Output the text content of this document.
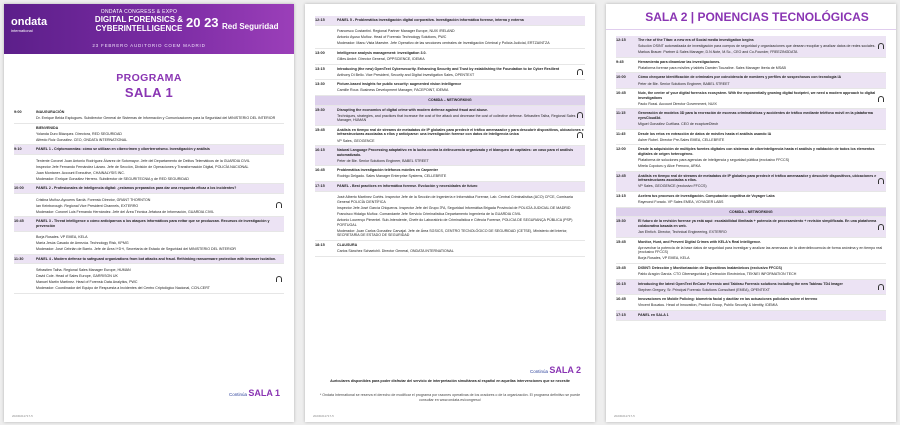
ondata
international
ONDATA CONGRESS & EXPO
DIGITAL FORENSICS &
CYBERINTELLIGENCE 20 23 Red Seguridad
23 FEBRERO AUDITORIO COEM MADRID
PROGRAMA
SALA 1
9:00	INAUGURACIÓN
Dr. Enrique Belda Esplugues. Subdirector General de Sistemas de Información y Comunicaciones para la Seguridad del MINISTERIO DEL INTERIOR
BIENVENIDA
Yolanda Duro Blázquez. Directora, RED SEGURIDAD
Alfredo Ruiz González. CEO, ONDATA INTERNATIONAL
9:10	PANEL 1 - Criptomonedas: cómo se utilizan en cibercrimen y ciberterrorismo. Investigación y análisis
Teniente Coronel Juan Antonio Rodríguez Álvarez de Sotomayor. Jefe del Departamento de Delitos Telemáticos de la GUARDIA CIVIL
Inspector Jefe Fernando Fernández Lázaro. Jefe de Sección, División de Operaciones y Transformación Digital, POLICÍA NACIONAL
Juan Montaner. Account Executive, CHAINALYSIS INC.
Moderador: Enrique González Herrero. Subdirector de SEGURITECNIA y de RED SEGURIDAD
10:00	PANEL 2 - Profesionales de inteligencia digital: ¿estamos preparados para dar una respuesta eficaz a los incidentes?
Cristina Muñoz-Aycuens Sardá. Forensic Director, GRANT THORNTON
Ian Keinborough. Regional Vice President Channels, EXTERRO
Moderador: Coronel Luis Fernando Hernández. Jefe del Área Técnica Jefatura de Información, GUARDIA CIVIL
10:45	PANEL 3 - Threat intelligence o cómo anticiparnos a los ataques informáticos para evitar que se produzcan. Recursos de investigación y prevención
Borja Rosales. VP EMEA, KELA
María Jesús Casado de Amezúa. Technology Risk, KPMG
Moderador: José Cebrián de Barrio. Jefe de Área I+D+i, Secretaría de Estado de Seguridad del MINISTERIO DEL INTERIOR
11:30	PANEL 4 - Modern defense to safeguard organizations from bot attacks and fraud. Rethinking ransomware protection with browser isolation.
Sébastien Talha. Regional Sales Manager Europe, HUMAN
David Cole. Head of Sales Europe, GARRISON UK
Manuel Martín Martínez. Head of Forensic Data Analytics, PWC
Moderador: Coordinador del Equipo de Respuesta a Incidentes del Centro Criptológico Nacional, CCN-CERT
Continúa SALA 1
20230211717-5
12:15	PANEL 5 - Problemática investigación digital corporativa. Investigación informática forense, interna y externa
Francesco Costantini. Regional Partner Manager Europe, NUIX /RELAND
Antonio Ayuso Muñoz. Head of Forensic Technology Solutions, PWC
Moderador: Manu Vista Maestre. Jefe Operativo de las secciones centrales de Investigación Criminal y Policía Judicial, ERTZAINTZA
13:00	Intelligence analysis management: investigation 3.0.
Gilles André. Director General, OPPSCIENCE, IDEMIA
13:15	Introducing (the new) OpenText Cybersecurity. Enhancing Security and Trust by establishing the Foundation to be Cyber Resilient
Anthony Di Bello. Vice President, Security and Digital Investigation Sales, OPENTEXT
13:30	Picture-based insights for public security: augmented vision intelligence
Camille Roux. Business Development Manager, FACEPOINT, IDEMIA
COMIDA – NETWORKING
15:30	Disrupting the economics of digital crime with modern defense against fraud and abuse.
Techniques, strategies, and practices that increase the cost of the attack and decrease the cost of collective defense. Sébastien Talha, Regional Sales Manager, HUMAN
15:45	Análisis en tiempo real de streams de metadatos de IP globales para predecir el tráfico amenazador y para descubrir dispositivos, ubicaciones e infraestructuras asociadas a ellos y anticiparse: una investigación forense con datos de Inteligencia única
VP Sales, GEOGENCE
16:15	Natural Language Processing adaptativo en la lucha contra la delincuencia organizada y el blanqueo de capitales: un caso para el análisis automatizado.
Peter de Bie. Senior Solutions Engineer, BABEL STREET
16:45	Problemática investigación teléfonos móviles en Carpenter
Rodrigo Delgado. Sales Manager Enterprise Systems, CELLEBRITE
17:15	PANEL - Best practices en informática forense. Evolución y necesidades de futuro
José Alberto Martínez Cortés. Inspector Jefe de la Sección de Ingeniería e Informática Forense, Lab. Central Criminalística (ACO) CFCE, Comisaría General POLICÍA CIENTÍFICA
Inspector Jefe José García Chiqueros. Inspector Jefe del Grupo 3ºA, Seguridad Informática Brigada Provincial de POLICÍA JUDICIAL DE MADRID
Francisco Hidalgo Muñoz. Comandante Jefe Servicio Criminalística Departamento Ingeniería de la GUARDIA CIVIL
Antonio Lourenço Pimentel. Sub-Intendente, Chefe do Laboratório de Criminalística e Ciência Forense, POLICIA DE SEGURANÇA PÚBLICA (PSP) PORTUGAL
Moderador: Juan Carlos González Carvajal. Jefe de Área SGSICS, CENTRO TECNOLÓGICO DE SEGURIDAD (CETSE), Ministerio del Interior, SECRETARÍA DE ESTADO DE SEGURIDAD
18:15	CLAUSURA
Carlos Sánchez Schaeichli. Director General, ONDATA INTERNATIONAL
Continúa SALA 2
Auriculares disponibles para poder disfrutar del servicio de interpretación simultánea al español en aquellas intervenciones que se necesite
* Ondata International se reserva el derecho de modificar el programa por razones operativas de los oradores o de la organización. El programa definitivo se puede consultar en www.ondata.es/congreso/
20230211717-5
SALA 2 | PONENCIAS TECNOLÓGICAS
12:15	The rise of the Titan: a new era of Social media investigation begins
Solución OSINT automatizada de investigación para cuerpos de seguridad y organizaciones que desean recopilar y analizar datos de redes sociales.
Markus Brauer. Partner & Sales Manager, D.N.Note, M.Sc., CEO and Co-Founder, FREEZINGDATA
9:45	Herramienta para dinamizar las investigaciones.
Plataforma forense para móviles y tablets Damien Touzaline. Sales Manager Iberia de MSAB
10:00	Cómo chequear identificación de criminales por coincidencia de nombres y perfiles de sospechosos con tecnología IA
Peter de Bie. Senior Solutions Engineer, BABEL STREET
10:45	Nuix, the center of your digital forensics ecosystem. With the exponentially growing digital footprint, we need a modern approach to digital investigations
Paolo Rossi. Account Director Government, NUIX
11:15	Generación de modelos 3D para la recreación de escenas criminalísticas y accidentes de tráfico mediante teléfono móvil en la plataforma eyesCloud3d.
Miguel González Cuéllara. CEO de ecaptureDtech
11:45	Desde los retos en extracción de datos de móviles hasta el análisis usando IA
Asher Rubel. Director Pre-Sales EMEA, CELLEBRITE
12:00	Desde la adquisición de múltiples fuentes digitales con sistemas de ciberinteligencia hasta el análisis y validación de todos los elementos digitales de origen heterogéneo.
Plataforma de soluciones para agencias de Inteligencia y seguridad pública (exclusivo FFCCS)
Mirela Copoiuru y Alice Frenovo, ARKA
12:45	Análisis en tiempo real de streams de metadatos de IP globales para predecir el tráfico amenazador y descubrir dispositivos, ubicaciones e infraestructuras asociadas a ellos.
VP Sales, GEOGENCE (exclusivo FFCCS)
13:15	Acelera tus procesos de investigación. Computación cognitiva de Voyager Labs
Raymond Forado. VP Sales EMEA, VOYAGER LABS
COMIDA – NETWORKING
15:30	El futuro de la revisión forense ya está aquí: escalabilidad ilimitada + potencia de procesamiento + revisión simplificada. En una plataforma colaborativa basada en web.
Jan Ehrlich. Director, Technical Engineering, EXTERRO
15:45	Monitor, Hunt, and Prevent Digital Crimes with KELA's Real Intelligence.
Aprovechar la potencia de la base datos de seguridad para investigar y analizar las amenazas de la ciberdelincuencia de forma anónima y en tiempo real (exclusivo FFCCS)
Borja Rosales, VP EMEA, KELA
15:45	DIGINT: Detección y Monitorización de Dispositivos Inalámbricos (exclusivo FFCCS)
Pablo Aragón García. CTO Ciberseguridad y Detección Electrónica, TEKNEI INFORMATION TECH
16:15	Introducing the latest OpenText EnCase Forensic and Tableau Forensic solutions including the new Tableau TD4 Imager
Stephen Gregory, Sr. Principal Forensic Solutions Consultant (EMEA), OPENTEXT
16:45	Innovaciones en Mobile Policing: biometría facial y dactilar en las actuaciones policiales sobre el terreno
Vincent Bouatou. Head of Innovation, Product Group, Public Security & Identity, IDEMIA
17:15	PANEL en SALA 1
20230211717-5
